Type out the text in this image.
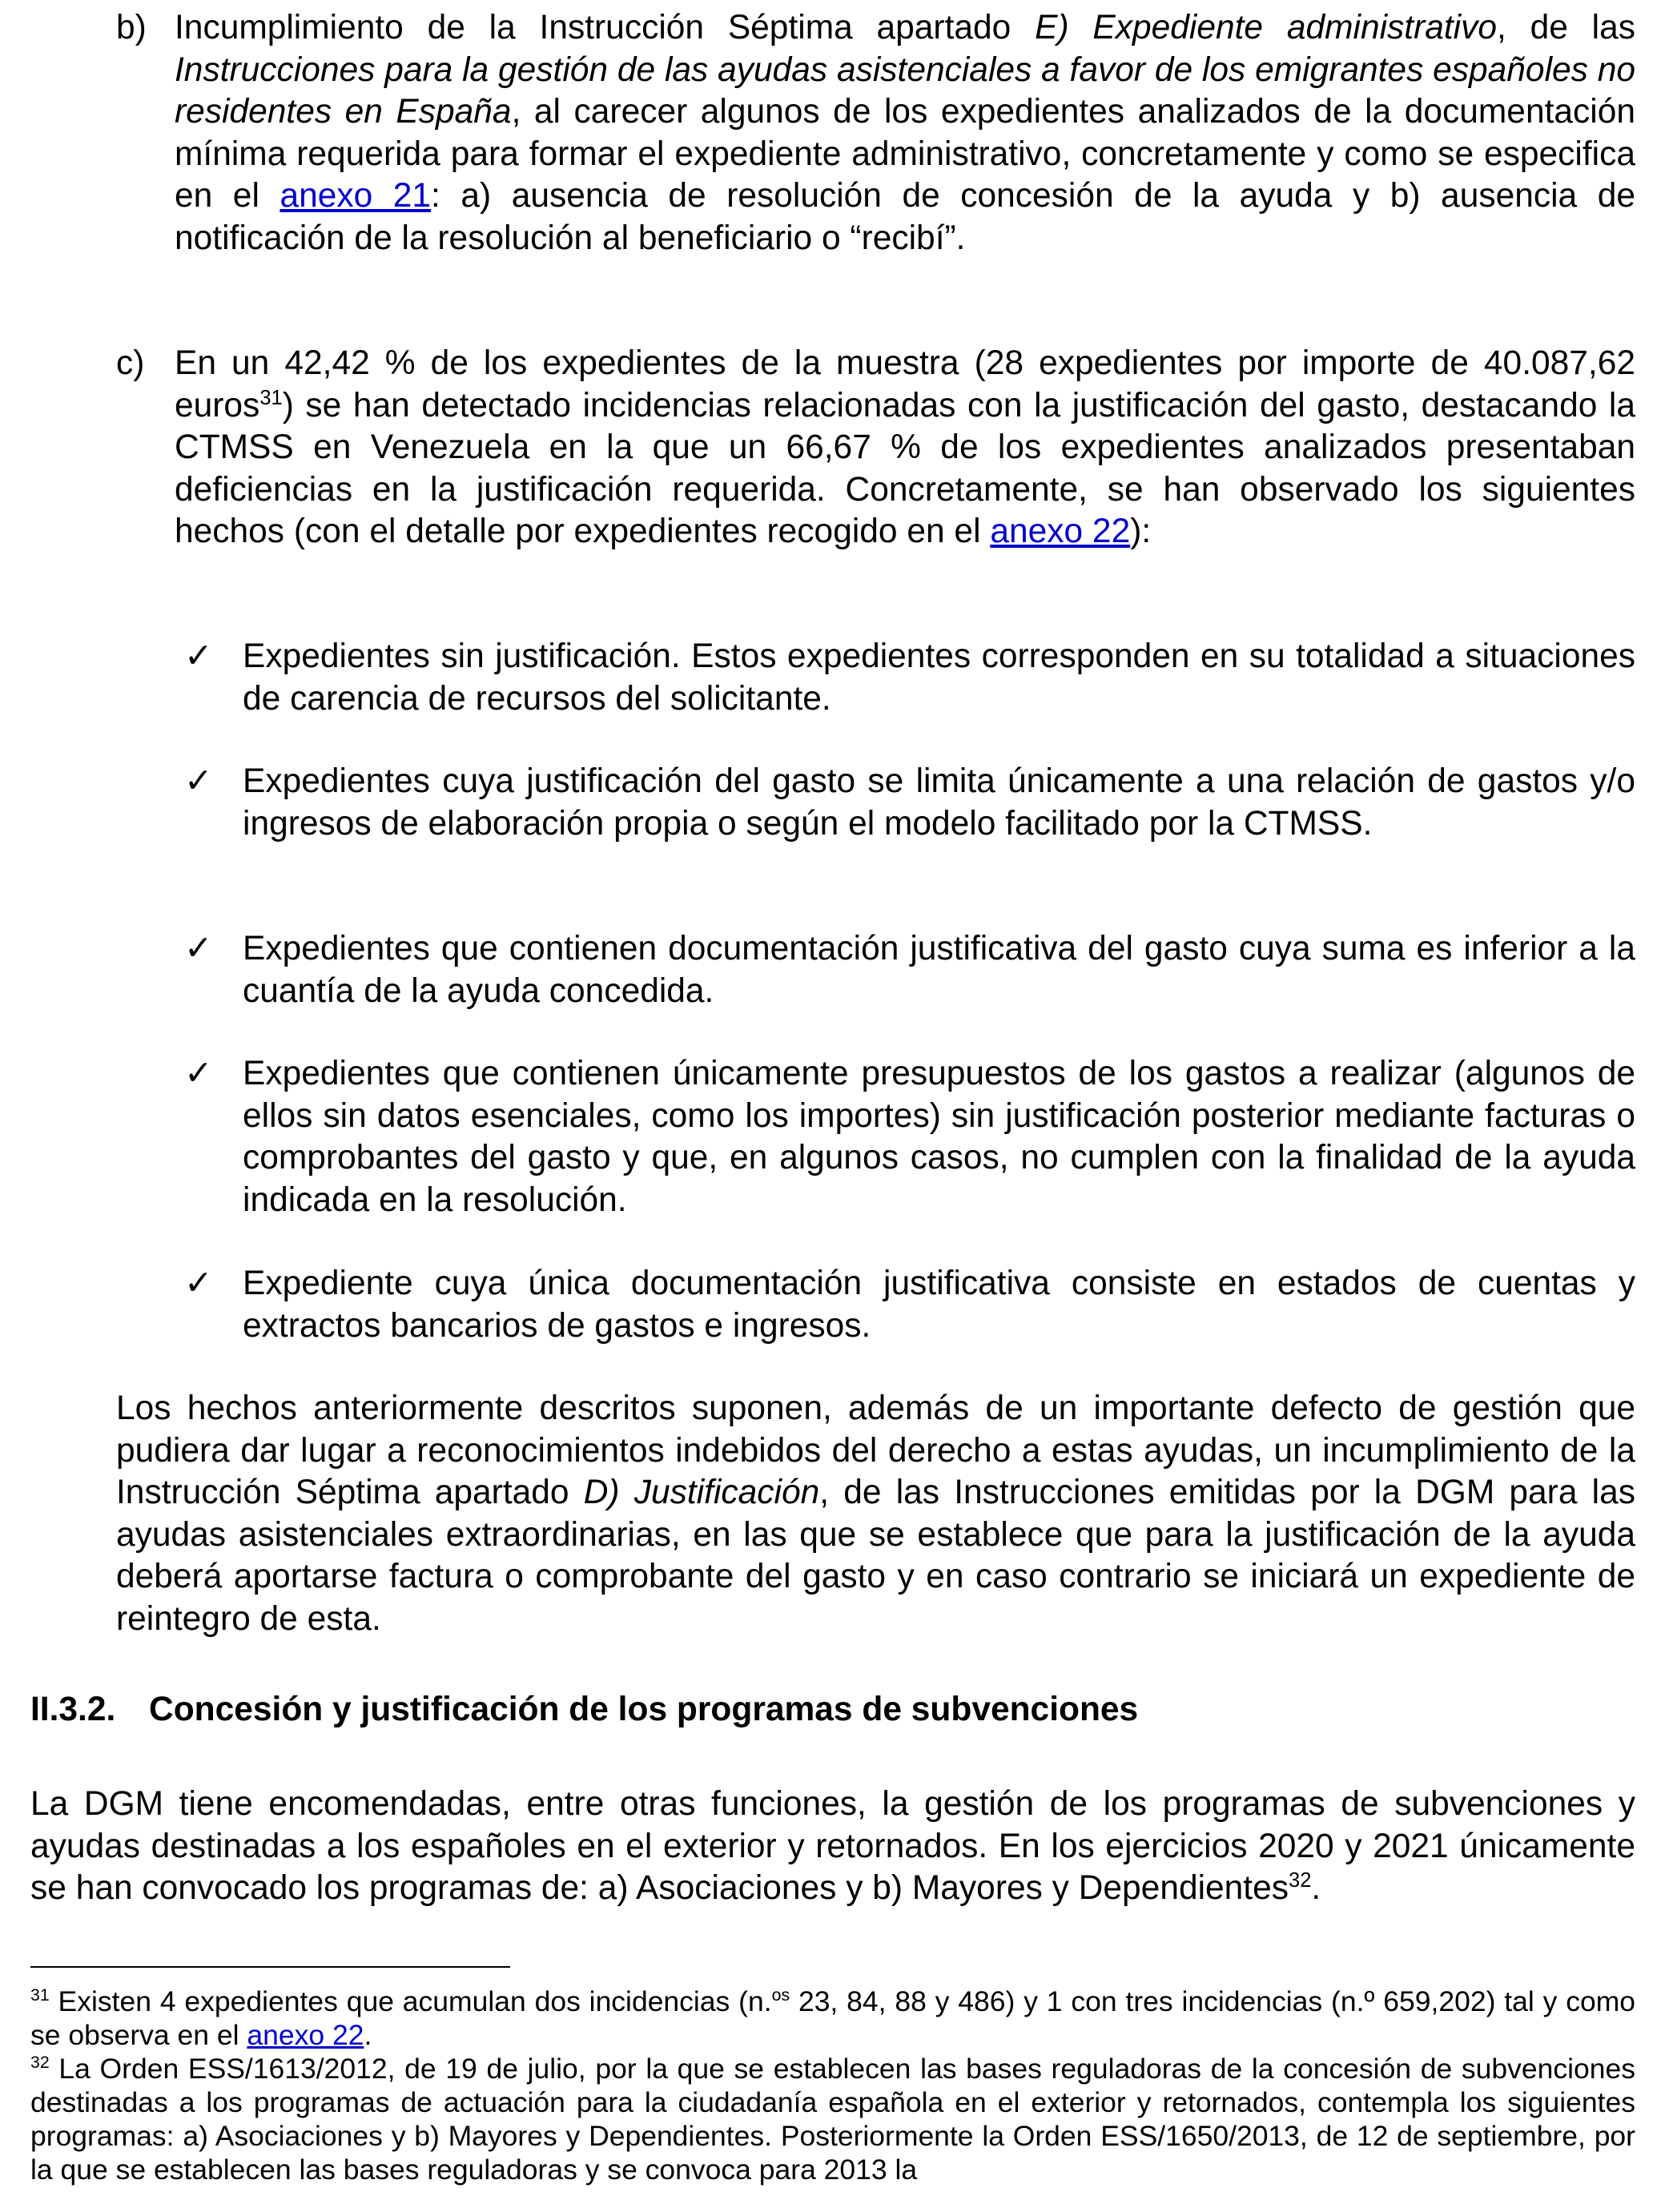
b) Incumplimiento de la Instrucción Séptima apartado E) Expediente administrativo, de las Instrucciones para la gestión de las ayudas asistenciales a favor de los emigrantes españoles no residentes en España, al carecer algunos de los expedientes analizados de la documentación mínima requerida para formar el expediente administrativo, concretamente y como se especifica en el anexo 21: a) ausencia de resolución de concesión de la ayuda y b) ausencia de notificación de la resolución al beneficiario o “recibí”.

c) En un 42,42 % de los expedientes de la muestra (28 expedientes por importe de 40.087,62 euros$^{31}$) se han detectado incidencias relacionadas con la justificación del gasto, destacando la CTMSS en Venezuela en la que un 66,67 % de los expedientes analizados presentaban deficiencias en la justificación requerida. Concretamente, se han observado los siguientes hechos (con el detalle por expedientes recogido en el anexo 22):

✓ Expedientes sin justificación. Estos expedientes corresponden en su totalidad a situaciones de carencia de recursos del solicitante.

✓ Expedientes cuya justificación del gasto se limita únicamente a una relación de gastos y/o ingresos de elaboración propia o según el modelo facilitado por la CTMSS.

✓ Expedientes que contienen documentación justificativa del gasto cuya suma es inferior a la cuantía de la ayuda concedida.

✓ Expedientes que contienen únicamente presupuestos de los gastos a realizar (algunos de ellos sin datos esenciales, como los importes) sin justificación posterior mediante facturas o comprobantes del gasto y que, en algunos casos, no cumplen con la finalidad de la ayuda indicada en la resolución.

✓ Expediente cuya única documentación justificativa consiste en estados de cuentas y extractos bancarios de gastos e ingresos.

Los hechos anteriormente descritos suponen, además de un importante defecto de gestión que pudiera dar lugar a reconocimientos indebidos del derecho a estas ayudas, un incumplimiento de la Instrucción Séptima apartado D) Justificación, de las Instrucciones emitidas por la DGM para las ayudas asistenciales extraordinarias, en las que se establece que para la justificación de la ayuda deberá aportarse factura o comprobante del gasto y en caso contrario se iniciará un expediente de reintegro de esta.

II.3.2. Concesión y justificación de los programas de subvenciones

La DGM tiene encomendadas, entre otras funciones, la gestión de los programas de subvenciones y ayudas destinadas a los españoles en el exterior y retornados. En los ejercicios 2020 y 2021 únicamente se han convocado los programas de: a) Asociaciones y b) Mayores y Dependientes$^{32}$.

$^{31}$ Existen 4 expedientes que acumulan dos incidencias (n.$^{os}$ 23, 84, 88 y 486) y 1 con tres incidencias (n.º 659,202) tal y como se observa en el anexo 22.

$^{32}$ La Orden ESS/1613/2012, de 19 de julio, por la que se establecen las bases reguladoras de la concesión de subvenciones destinadas a los programas de actuación para la ciudadanía española en el exterior y retornados, contempla los siguientes programas: a) Asociaciones y b) Mayores y Dependientes. Posteriormente la Orden ESS/1650/2013, de 12 de septiembre, por la que se establecen las bases reguladoras y se convoca para 2013 la
